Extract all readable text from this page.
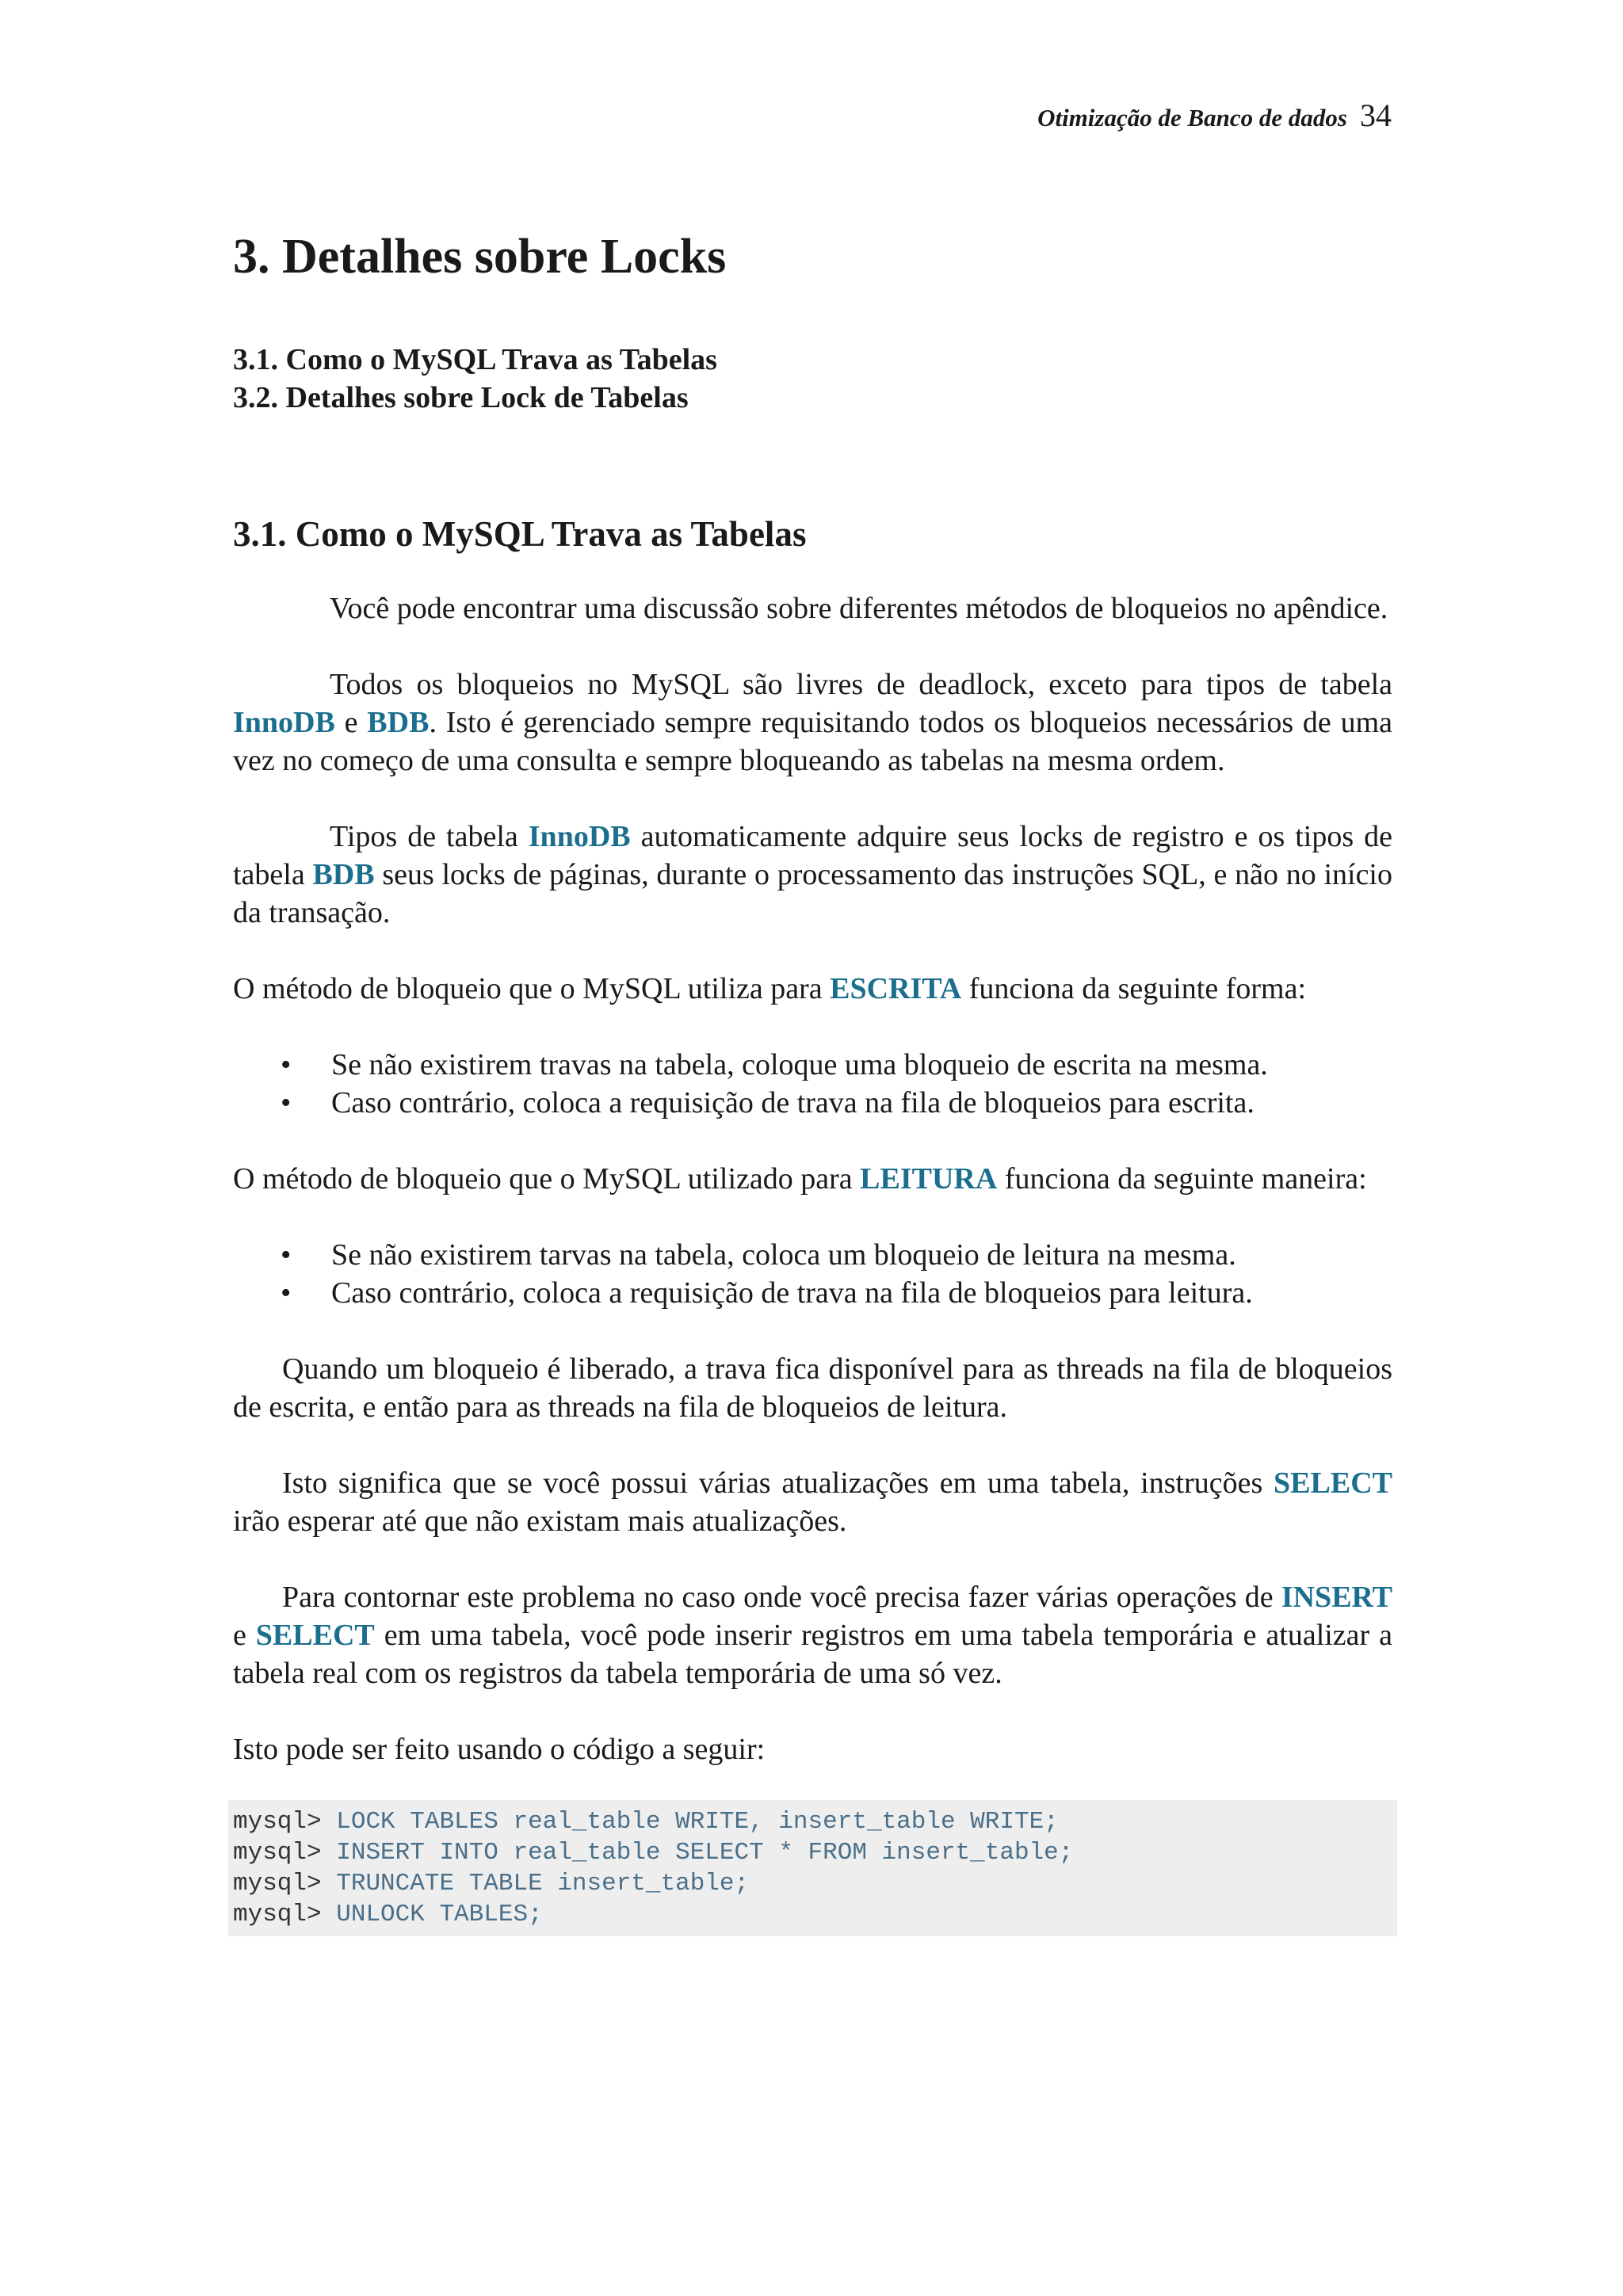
Otimização de Banco de dados 34
3. Detalhes sobre Locks
3.1. Como o MySQL Trava as Tabelas
3.2. Detalhes sobre Lock de Tabelas
3.1. Como o MySQL Trava as Tabelas

Você pode encontrar uma discussão sobre diferentes métodos de bloqueios no apêndice.

Todos os bloqueios no MySQL são livres de deadlock, exceto para tipos de tabela InnoDB e BDB. Isto é gerenciado sempre requisitando todos os bloqueios necessários de uma vez no começo de uma consulta e sempre bloqueando as tabelas na mesma ordem.

Tipos de tabela InnoDB automaticamente adquire seus locks de registro e os tipos de tabela BDB seus locks de páginas, durante o processamento das instruções SQL, e não no início da transação.

O método de bloqueio que o MySQL utiliza para ESCRITA funciona da seguinte forma:

• Se não existirem travas na tabela, coloque uma bloqueio de escrita na mesma.
• Caso contrário, coloca a requisição de trava na fila de bloqueios para escrita.

O método de bloqueio que o MySQL utilizado para LEITURA funciona da seguinte maneira:

• Se não existirem tarvas na tabela, coloca um bloqueio de leitura na mesma.
• Caso contrário, coloca a requisição de trava na fila de bloqueios para leitura.

Quando um bloqueio é liberado, a trava fica disponível para as threads na fila de bloqueios de escrita, e então para as threads na fila de bloqueios de leitura.

Isto significa que se você possui várias atualizações em uma tabela, instruções SELECT irão esperar até que não existam mais atualizações.

Para contornar este problema no caso onde você precisa fazer várias operações de INSERT e SELECT em uma tabela, você pode inserir registros em uma tabela temporária e atualizar a tabela real com os registros da tabela temporária de uma só vez.

Isto pode ser feito usando o código a seguir:

mysql> LOCK TABLES real_table WRITE, insert_table WRITE;
mysql> INSERT INTO real_table SELECT * FROM insert_table;
mysql> TRUNCATE TABLE insert_table;
mysql> UNLOCK TABLES;
